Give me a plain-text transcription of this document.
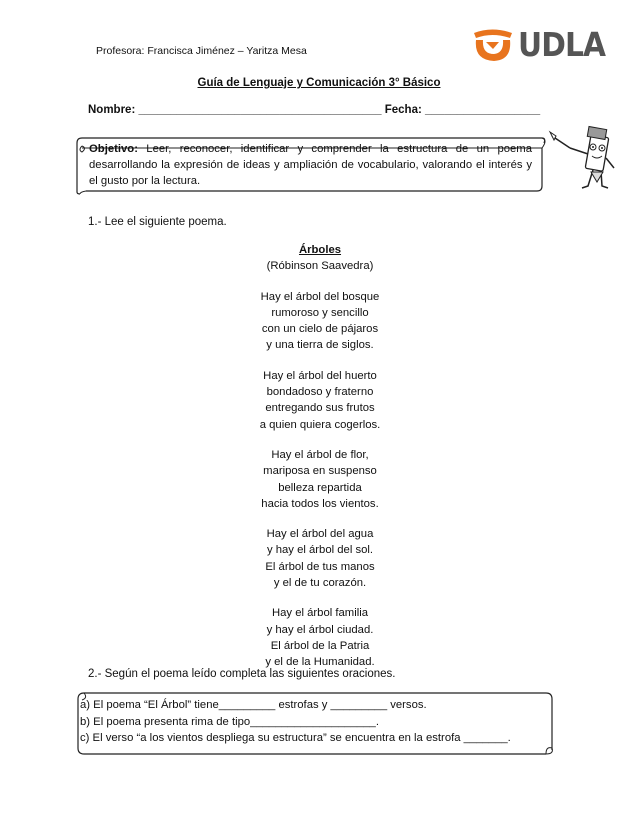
Profesora: Francisca Jiménez – Yaritza Mesa	UDLA
Guía de Lenguaje y Comunicación 3° Básico
Nombre: ______________________________________ Fecha: __________________
Objetivo: Leer, reconocer, identificar y comprender la estructura de un poema desarrollando la expresión de ideas y ampliación de vocabulario, valorando el interés y el gusto por la lectura.
1.- Lee el siguiente poema.
Árboles
(Róbinson Saavedra)
Hay el árbol del bosque
rumoroso y sencillo
con un cielo de pájaros
y una tierra de siglos.
Hay el árbol del huerto
bondadoso y fraterno
entregando sus frutos
a quien quiera cogerlos.
Hay el árbol de flor,
mariposa en suspenso
belleza repartida
hacia todos los vientos.
Hay el árbol del agua
y hay el árbol del sol.
El árbol de tus manos
y el de tu corazón.
Hay el árbol familia
y hay el árbol ciudad.
El árbol de la Patria
y el de la Humanidad.
2.- Según el poema leído completa las siguientes oraciones.
a) El poema “El Árbol” tiene_________ estrofas y _________ versos.
b) El poema presenta rima de tipo____________________.
c) El verso “a los vientos despliega su estructura” se encuentra en la estrofa _______.
